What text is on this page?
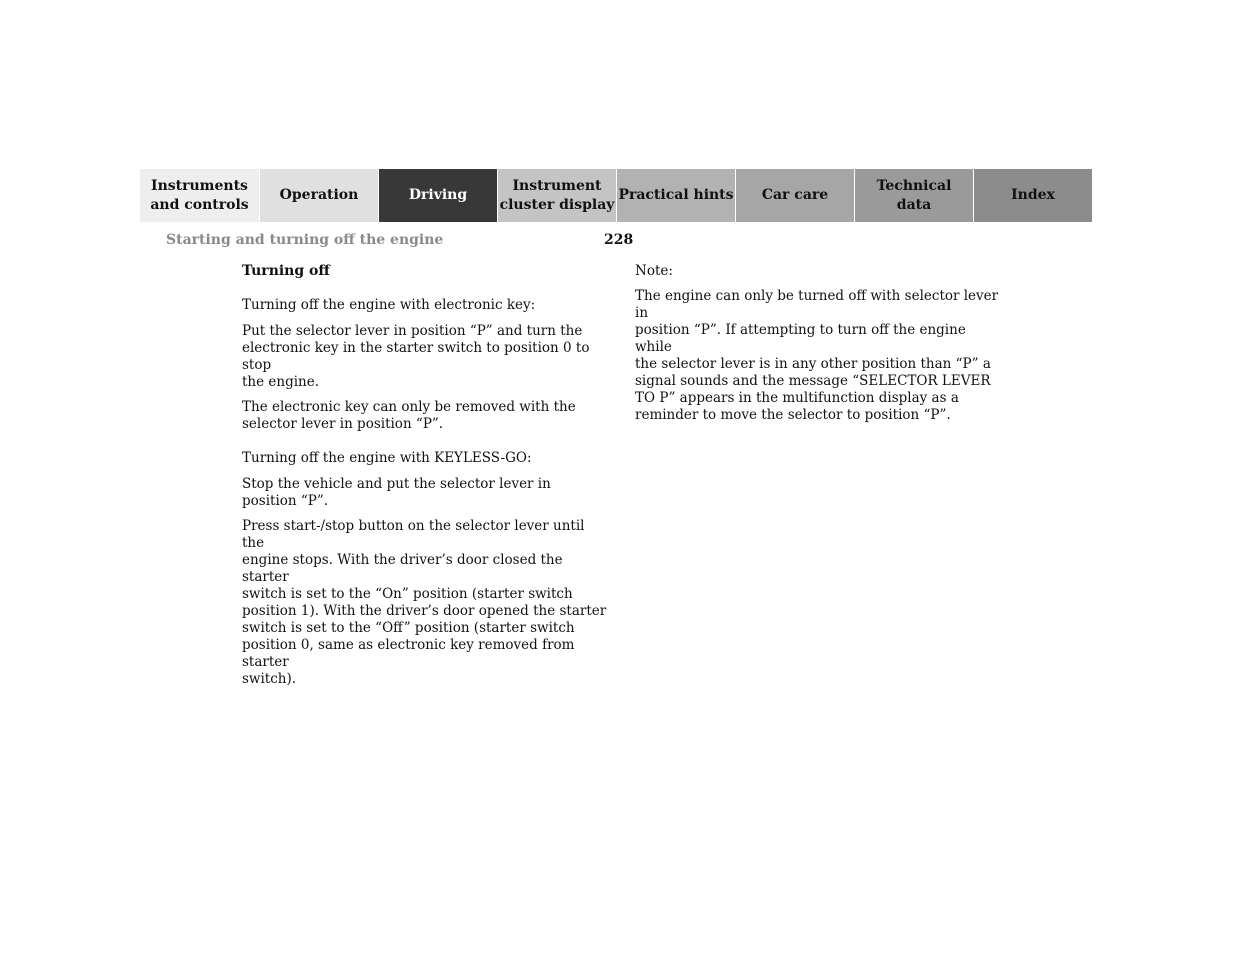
Instruments
and controls
Operation	Driving
Instrument
cluster display
Practical hints	Car care
Technical
data
Index
Starting and turning off the engine	228

Turning off

Turning off the engine with electronic key:

Put the selector lever in position “P” and turn the
electronic key in the starter switch to position 0 to stop
the engine.

The electronic key can only be removed with the
selector lever in position “P”.

Turning off the engine with KEYLESS-GO:

Stop the vehicle and put the selector lever in
position “P”.

Press start-/stop button on the selector lever until the
engine stops. With the driver’s door closed the starter
switch is set to the “On” position (starter switch
position 1). With the driver’s door opened the starter
switch is set to the “Off” position (starter switch
position 0, same as electronic key removed from starter
switch).

Note:

The engine can only be turned off with selector lever in
position “P”. If attempting to turn off the engine while
the selector lever is in any other position than “P” a
signal sounds and the message “SELECTOR LEVER
TO P” appears in the multifunction display as a
reminder to move the selector to position “P”.
